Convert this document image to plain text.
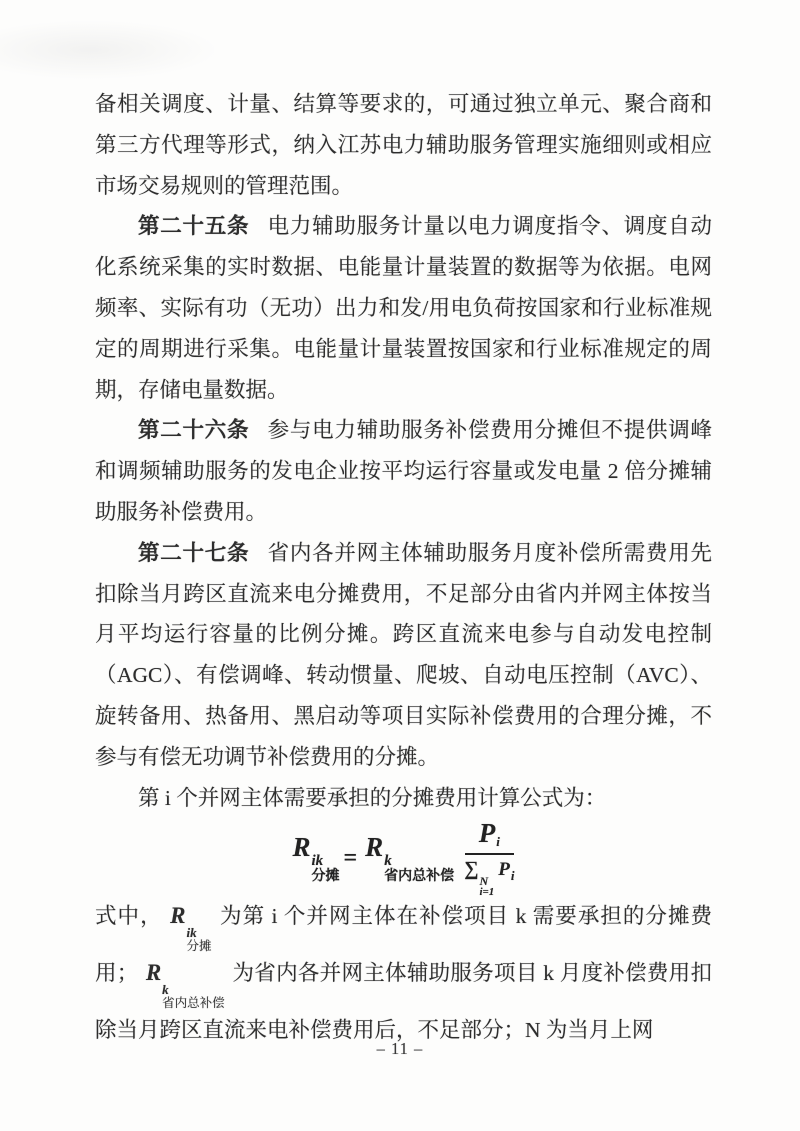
备相关调度、计量、结算等要求的，可通过独立单元、聚合商和第三方代理等形式，纳入江苏电力辅助服务管理实施细则或相应市场交易规则的管理范围。

第二十五条 电力辅助服务计量以电力调度指令、调度自动化系统采集的实时数据、电能量计量装置的数据等为依据。电网频率、实际有功（无功）出力和发/用电负荷按国家和行业标准规定的周期进行采集。电能量计量装置按国家和行业标准规定的周期，存储电量数据。

第二十六条 参与电力辅助服务补偿费用分摊但不提供调峰和调频辅助服务的发电企业按平均运行容量或发电量 2 倍分摊辅助服务补偿费用。

第二十七条 省内各并网主体辅助服务月度补偿所需费用先扣除当月跨区直流来电分摊费用，不足部分由省内并网主体按当月平均运行容量的比例分摊。跨区直流来电参与自动发电控制（AGC）、有偿调峰、转动惯量、爬坡、自动电压控制（AVC）、旋转备用、热备用、黑启动等项目实际补偿费用的合理分摊，不参与有偿无功调节补偿费用的分摊。

第 i 个并网主体需要承担的分摊费用计算公式为：

R ik
分摊
= R k
省内总补偿 $P_i$
∑
N
i=1
$P_i$

式中， R
ik
分摊
为第 i 个并网主体在补偿项目 k 需要承担的分摊费用； R
k
省内总补偿
为省内各并网主体辅助服务项目 k 月度补偿费用扣除当月跨区直流来电补偿费用后，不足部分；N 为当月上网

– 11 –
